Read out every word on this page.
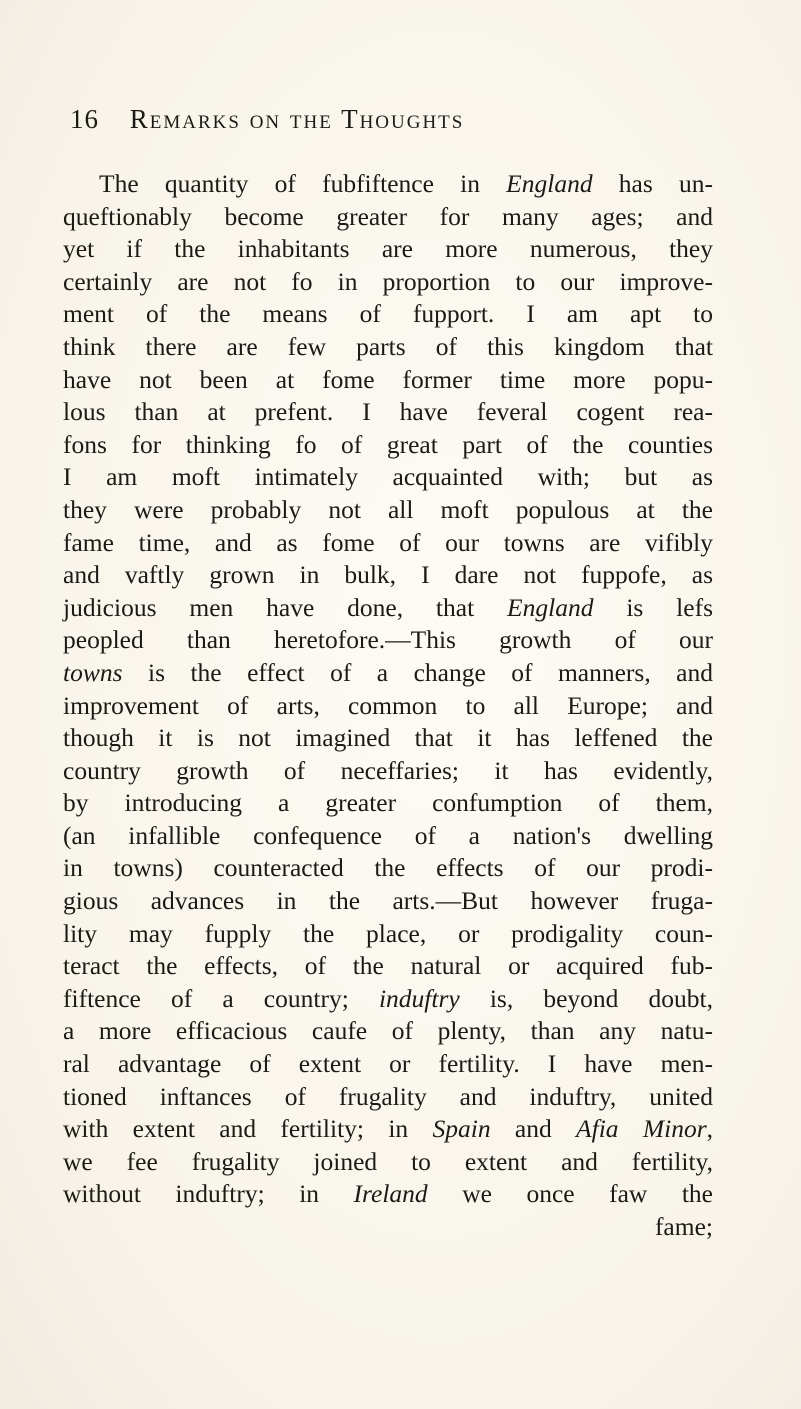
16 Remarks on the Thoughts
The quantity of fubfiftence in England has un-
queftionably become greater for many ages; and
yet if the inhabitants are more numerous, they
certainly are not fo in proportion to our improve-
ment of the means of fupport. I am apt to
think there are few parts of this kingdom that
have not been at fome former time more popu-
lous than at prefent. I have feveral cogent rea-
fons for thinking fo of great part of the counties
I am moft intimately acquainted with; but as
they were probably not all moft populous at the
fame time, and as fome of our towns are vifibly
and vaftly grown in bulk, I dare not fuppofe, as
judicious men have done, that England is lefs
peopled than heretofore.—This growth of our
towns is the effect of a change of manners, and
improvement of arts, common to all Europe; and
though it is not imagined that it has leffened the
country growth of neceffaries; it has evidently,
by introducing a greater confumption of them,
(an infallible confequence of a nation's dwelling
in towns) counteracted the effects of our prodi-
gious advances in the arts.—But however fruga-
lity may fupply the place, or prodigality coun-
teract the effects, of the natural or acquired fub-
fiftence of a country; induftry is, beyond doubt,
a more efficacious caufe of plenty, than any natu-
ral advantage of extent or fertility. I have men-
tioned inftances of frugality and induftry, united
with extent and fertility; in Spain and Afia Minor,
we fee frugality joined to extent and fertility,
without induftry; in Ireland we once faw the
fame;
